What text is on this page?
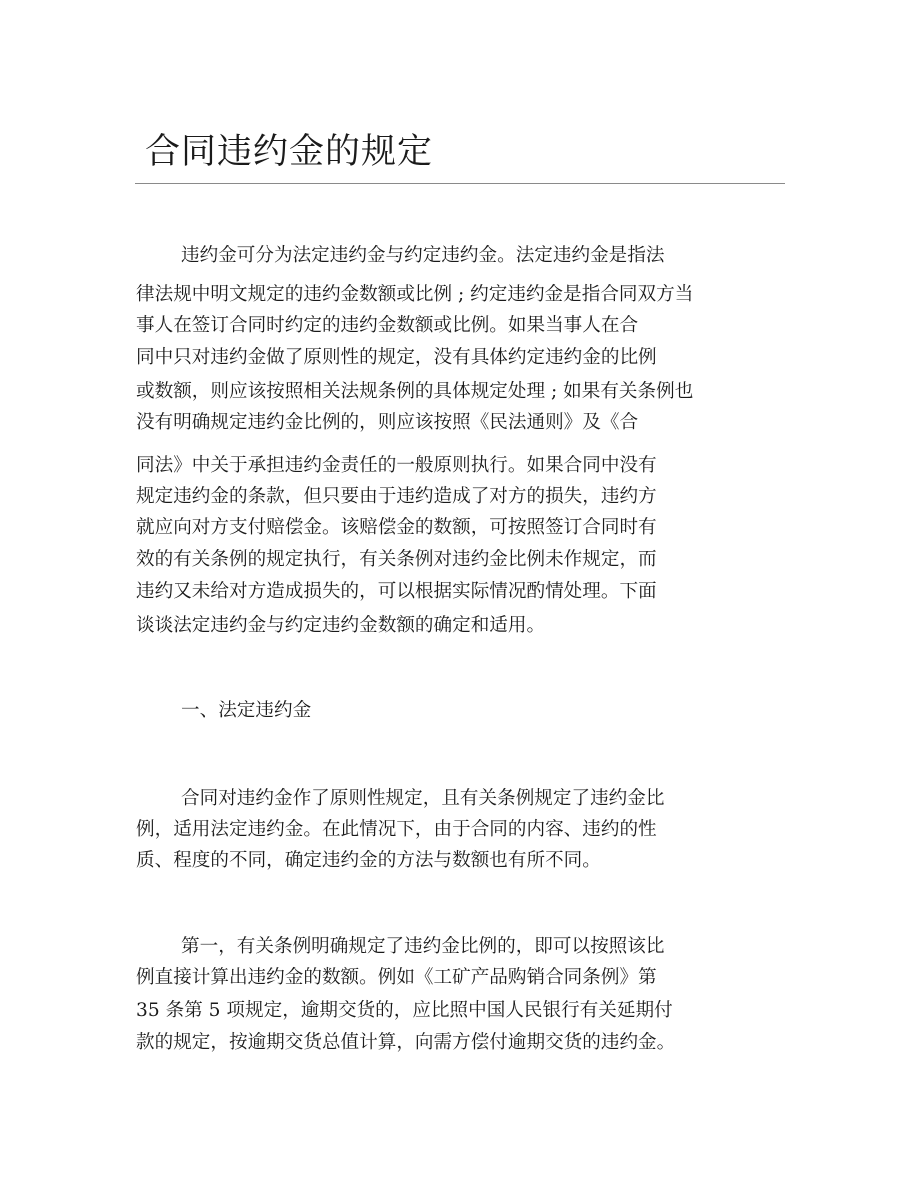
合同违约金的规定

违约金可分为法定违约金与约定违约金。法定违约金是指法

律法规中明文规定的违约金数额或比例 ; 约定违约金是指合同双方当

事人在签订合同时约定的违约金数额或比例。如果当事人在合

同中只对违约金做了原则性的规定，没有具体约定违约金的比例

或数额，则应该按照相关法规条例的具体规定处理 ; 如果有关条例也

没有明确规定违约金比例的，则应该按照《民法通则》及《合

同法》中关于承担违约金责任的一般原则执行。如果合同中没有

规定违约金的条款，但只要由于违约造成了对方的损失，违约方

就应向对方支付赔偿金。该赔偿金的数额，可按照签订合同时有

效的有关条例的规定执行，有关条例对违约金比例未作规定，而

违约又未给对方造成损失的，可以根据实际情况酌情处理。下面

谈谈法定违约金与约定违约金数额的确定和适用。

一、法定违约金

合同对违约金作了原则性规定，且有关条例规定了违约金比

例，适用法定违约金。在此情况下，由于合同的内容、违约的性

质、程度的不同，确定违约金的方法与数额也有所不同。

第一，有关条例明确规定了违约金比例的，即可以按照该比

例直接计算出违约金的数额。例如《工矿产品购销合同条例》第

35 条第 5 项规定，逾期交货的，应比照中国人民银行有关延期付

款的规定，按逾期交货总值计算，向需方偿付逾期交货的违约金。
